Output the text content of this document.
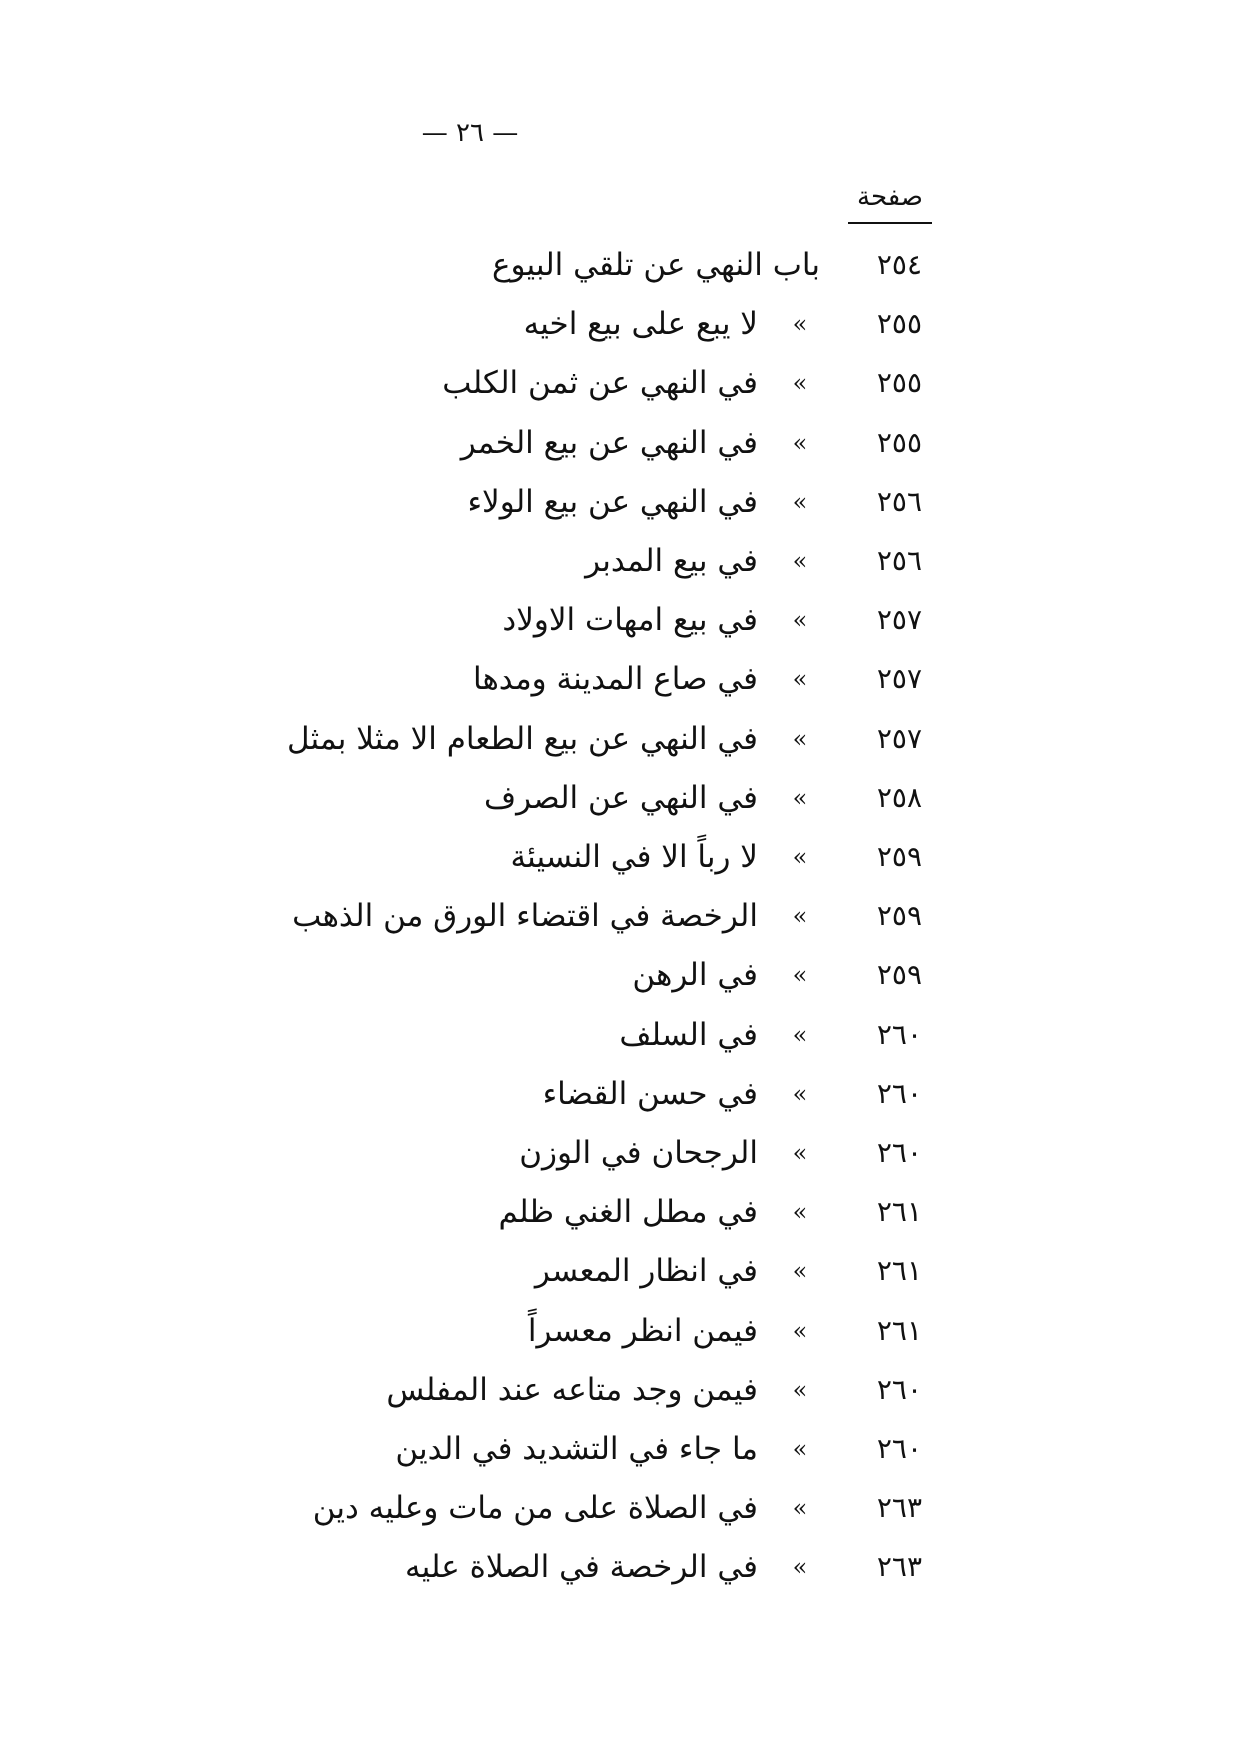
— ٢٦ —
صفحة
٢٥٤
باب النهي عن تلقي البيوع
٢٥٥
»
لا يبع على بيع اخيه
٢٥٥
»
في النهي عن ثمن الكلب
٢٥٥
»
في النهي عن بيع الخمر
٢٥٦
»
في النهي عن بيع الولاء
٢٥٦
»
في بيع المدبر
٢٥٧
»
في بيع امهات الاولاد
٢٥٧
»
في صاع المدينة ومدها
٢٥٧
»
في النهي عن بيع الطعام الا مثلا بمثل
٢٥٨
»
في النهي عن الصرف
٢٥٩
»
لا رباً الا في النسيئة
٢٥٩
»
الرخصة في اقتضاء الورق من الذهب
٢٥٩
»
في الرهن
٢٦٠
»
في السلف
٢٦٠
»
في حسن القضاء
٢٦٠
»
الرجحان في الوزن
٢٦١
»
في مطل الغني ظلم
٢٦١
»
في انظار المعسر
٢٦١
»
فيمن انظر معسراً
٢٦٠
»
فيمن وجد متاعه عند المفلس
٢٦٠
»
ما جاء في التشديد في الدين
٢٦٣
»
في الصلاة على من مات وعليه دين
٢٦٣
»
في الرخصة في الصلاة عليه
